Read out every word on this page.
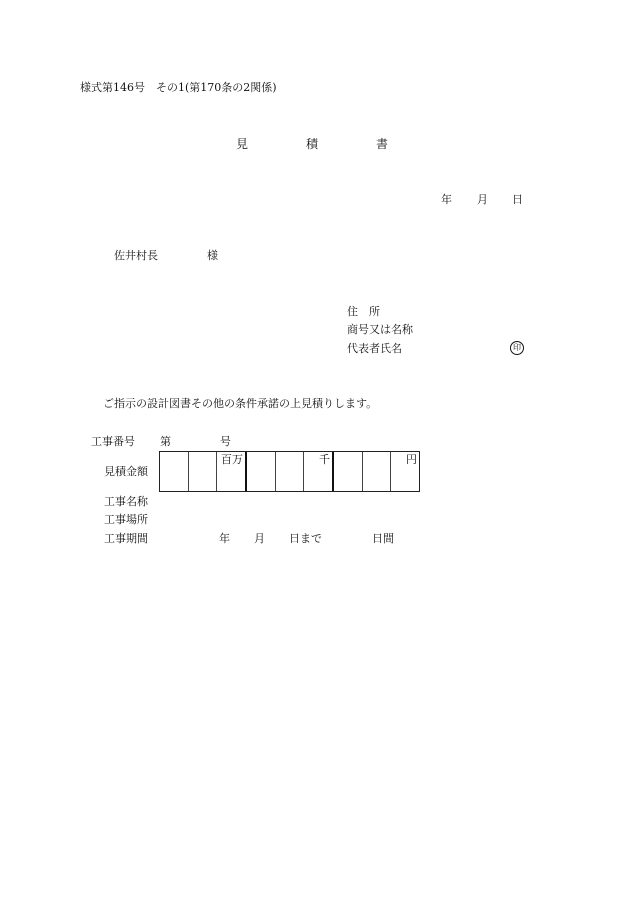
様式第146号　その1(第170条の2関係)
見	積	書
年 月 日
佐井村長	様
住　所
商号又は名称
代表者氏名	印
ご指示の設計図書その他の条件承諾の上見積りします。
工事番号 第	号
見積金額
百万	千	円
工事名称
工事場所
工事期間	年 月 日まで	日間
